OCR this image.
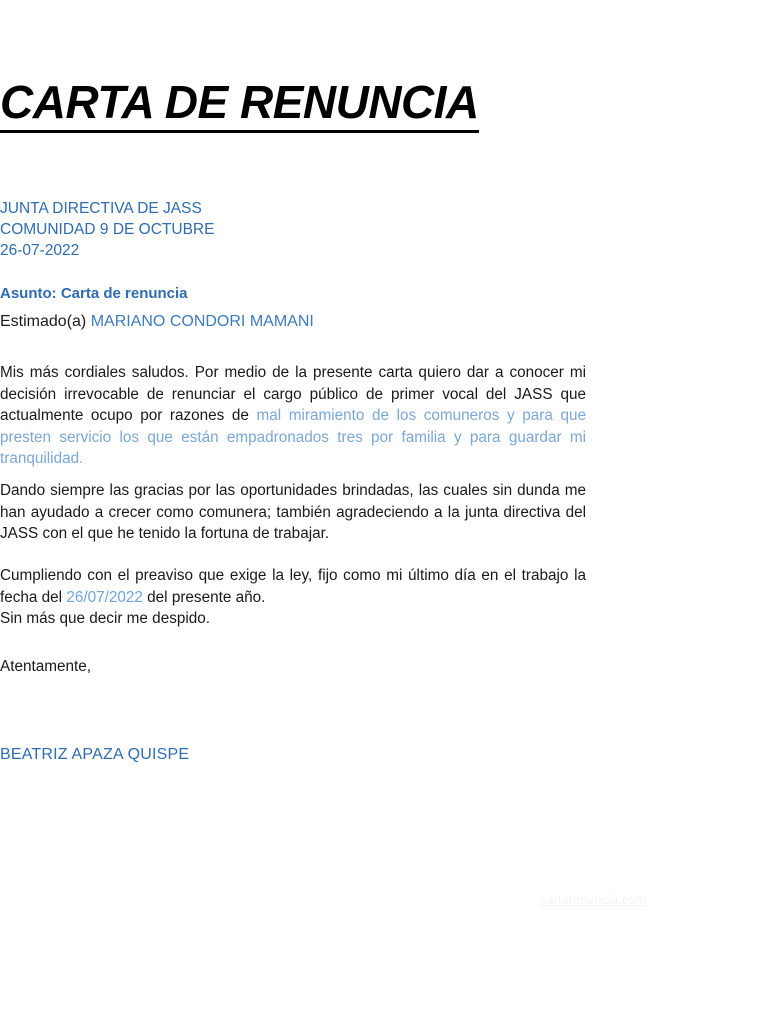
CARTA DE RENUNCIA
JUNTA DIRECTIVA DE JASS
COMUNIDAD 9 DE OCTUBRE
26-07-2022
Asunto: Carta de renuncia
Estimado(a) MARIANO CONDORI MAMANI

Mis más cordiales saludos. Por medio de la presente carta quiero dar a conocer mi decisión irrevocable de renunciar el cargo público de primer vocal del JASS que actualmente ocupo por razones de mal miramiento de los comuneros y para que presten servicio los que están empadronados tres por familia y para guardar mi tranquilidad.

Dando siempre las gracias por las oportunidades brindadas, las cuales sin dunda me han ayudado a crecer como comunera; también agradeciendo a la junta directiva del JASS con el que he tenido la fortuna de trabajar.

Cumpliendo con el preaviso que exige la ley, fijo como mi último día en el trabajo la fecha del 26/07/2022 del presente año.
Sin más que decir me despido.

Atentamente,
BEATRIZ APAZA QUISPE
cartarenuncia.com
